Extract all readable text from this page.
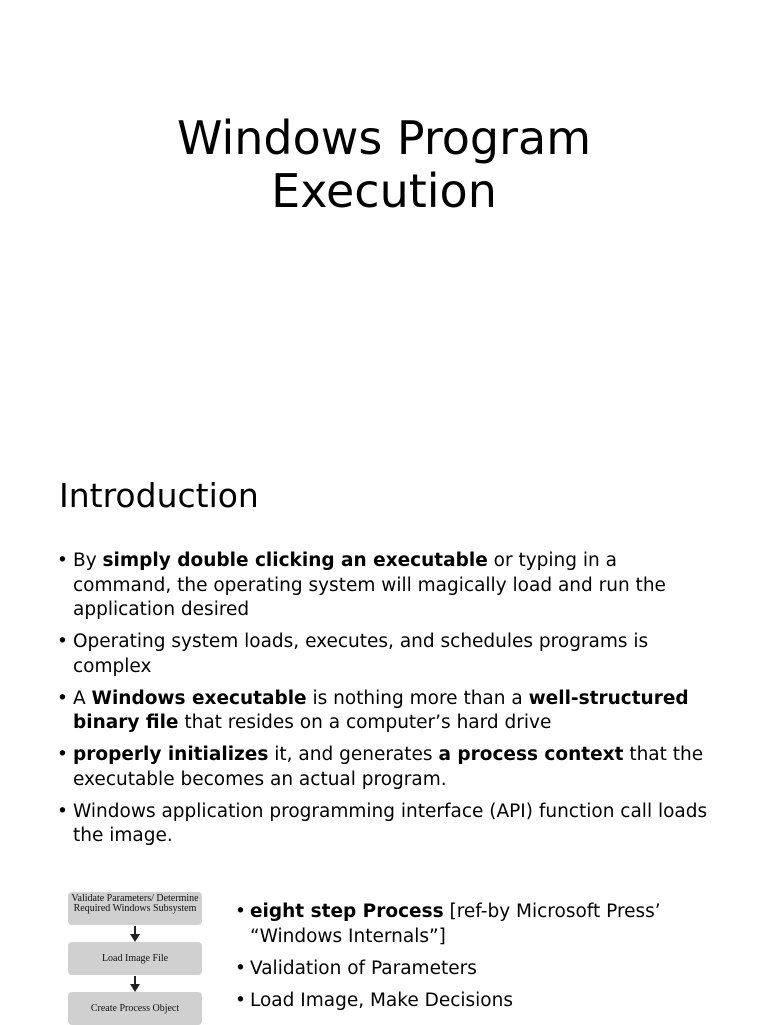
Windows Program
Execution
Introduction
• By simply double clicking an executable or typing in a command, the operating system will magically load and run the application desired
• Operating system loads, executes, and schedules programs is complex
• A Windows executable is nothing more than a well-structured binary file that resides on a computer’s hard drive
• properly initializes it, and generates a process context that the executable becomes an actual program.
• Windows application programming interface (API) function call loads the image.
Validate Parameters/ Determine Required Windows Subsystem
Load Image File
Create Process Object
• eight step Process [ref-by Microsoft Press’ “Windows Internals”]
• Validation of Parameters
• Load Image, Make Decisions
